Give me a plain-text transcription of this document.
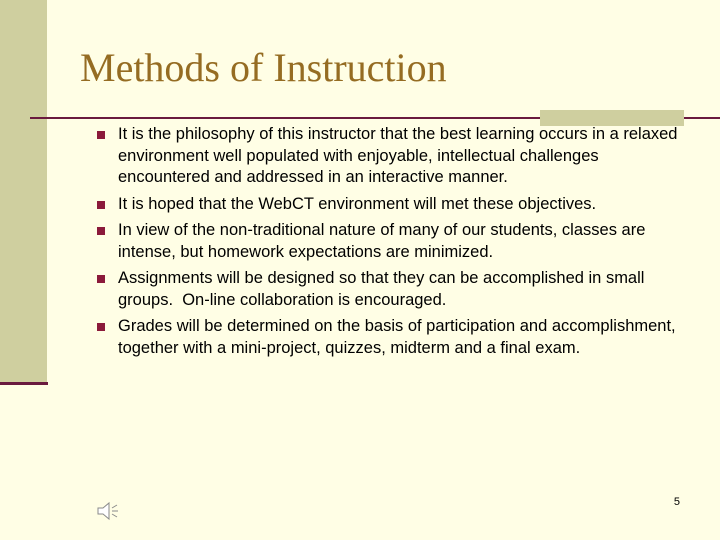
Methods of Instruction
It is the philosophy of this instructor that the best learning occurs in a relaxed environment well populated with enjoyable, intellectual challenges encountered and addressed in an interactive manner.
It is hoped that the WebCT environment will met these objectives.
In view of the non-traditional nature of many of our students, classes are intense, but homework expectations are minimized.
Assignments will be designed so that they can be accomplished in small groups.  On-line collaboration is encouraged.
Grades will be determined on the basis of participation and accomplishment, together with a mini-project, quizzes, midterm and a final exam.
5
